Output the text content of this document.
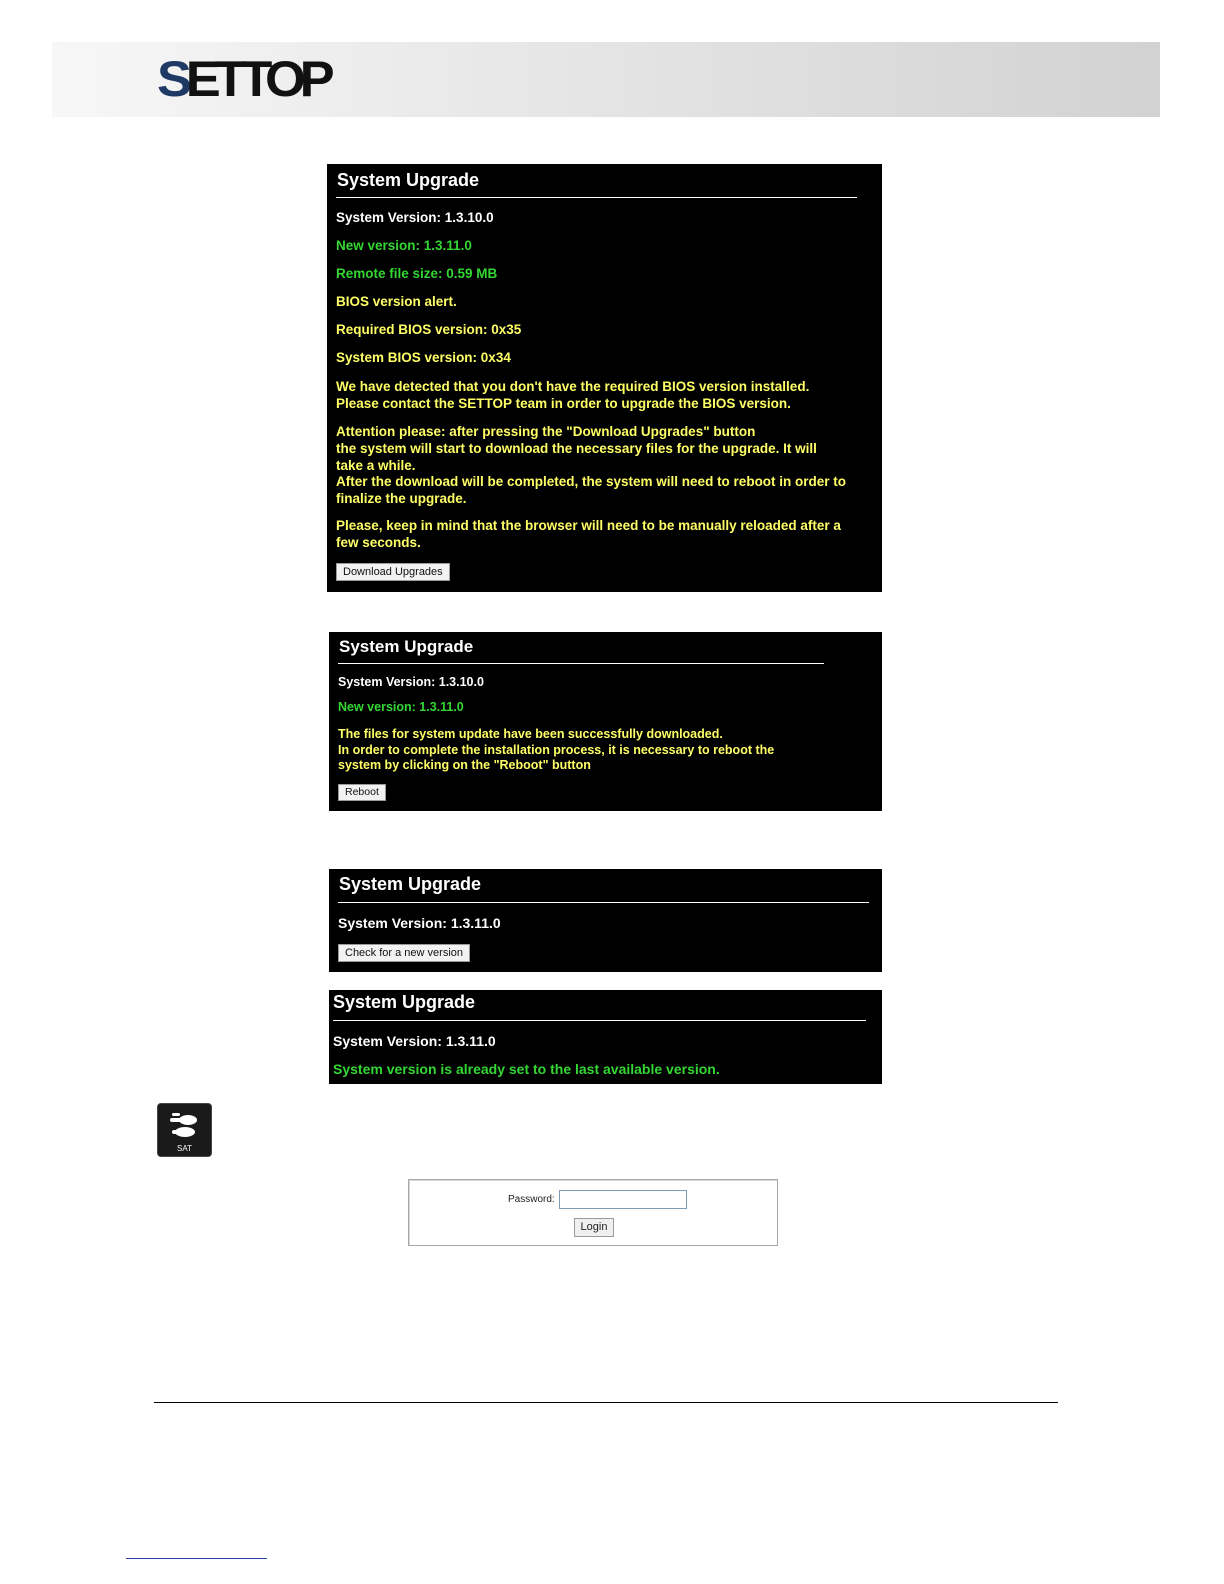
SETTOP
System Upgrade
System Version: 1.3.10.0
New version: 1.3.11.0
Remote file size: 0.59 MB
BIOS version alert.
Required BIOS version: 0x35
System BIOS version: 0x34
We have detected that you don't have the required BIOS version installed.
Please contact the SETTOP team in order to upgrade the BIOS version.
Attention please: after pressing the "Download Upgrades" button
the system will start to download the necessary files for the upgrade. It will
take a while.
After the download will be completed, the system will need to reboot in order to
finalize the upgrade.
Please, keep in mind that the browser will need to be manually reloaded after a
few seconds.
Download Upgrades
System Upgrade
System Version: 1.3.10.0
New version: 1.3.11.0
The files for system update have been successfully downloaded.
In order to complete the installation process, it is necessary to reboot the
system by clicking on the "Reboot" button
Reboot
System Upgrade
System Version: 1.3.11.0
Check for a new version
System Upgrade
System Version: 1.3.11.0
System version is already set to the last available version.
SAT
Password:
Login
